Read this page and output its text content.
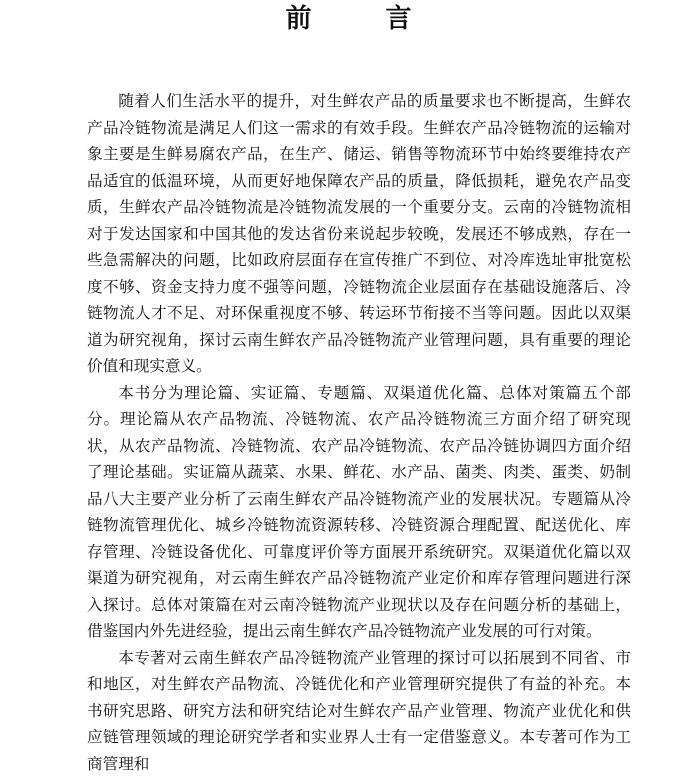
前　言

随着人们生活水平的提升，对生鲜农产品的质量要求也不断提高，生鲜农产品冷链物流是满足人们这一需求的有效手段。生鲜农产品冷链物流的运输对象主要是生鲜易腐农产品，在生产、储运、销售等物流环节中始终要维持农产品适宜的低温环境，从而更好地保障农产品的质量，降低损耗，避免农产品变质，生鲜农产品冷链物流是冷链物流发展的一个重要分支。云南的冷链物流相对于发达国家和中国其他的发达省份来说起步较晚，发展还不够成熟，存在一些急需解决的问题，比如政府层面存在宣传推广不到位、对冷库选址审批宽松度不够、资金支持力度不强等问题，冷链物流企业层面存在基础设施落后、冷链物流人才不足、对环保重视度不够、转运环节衔接不当等问题。因此以双渠道为研究视角，探讨云南生鲜农产品冷链物流产业管理问题，具有重要的理论价值和现实意义。

本书分为理论篇、实证篇、专题篇、双渠道优化篇、总体对策篇五个部分。理论篇从农产品物流、冷链物流、农产品冷链物流三方面介绍了研究现状，从农产品物流、冷链物流、农产品冷链物流、农产品冷链协调四方面介绍了理论基础。实证篇从蔬菜、水果、鲜花、水产品、菌类、肉类、蛋类、奶制品八大主要产业分析了云南生鲜农产品冷链物流产业的发展状况。专题篇从冷链物流管理优化、城乡冷链物流资源转移、冷链资源合理配置、配送优化、库存管理、冷链设备优化、可靠度评价等方面展开系统研究。双渠道优化篇以双渠道为研究视角，对云南生鲜农产品冷链物流产业定价和库存管理问题进行深入探讨。总体对策篇在对云南冷链物流产业现状以及存在问题分析的基础上，借鉴国内外先进经验，提出云南生鲜农产品冷链物流产业发展的可行对策。

本专著对云南生鲜农产品冷链物流产业管理的探讨可以拓展到不同省、市和地区，对生鲜农产品物流、冷链优化和产业管理研究提供了有益的补充。本书研究思路、研究方法和研究结论对生鲜农产品产业管理、物流产业优化和供应链管理领域的理论研究学者和实业界人士有一定借鉴意义。本专著可作为工商管理和
